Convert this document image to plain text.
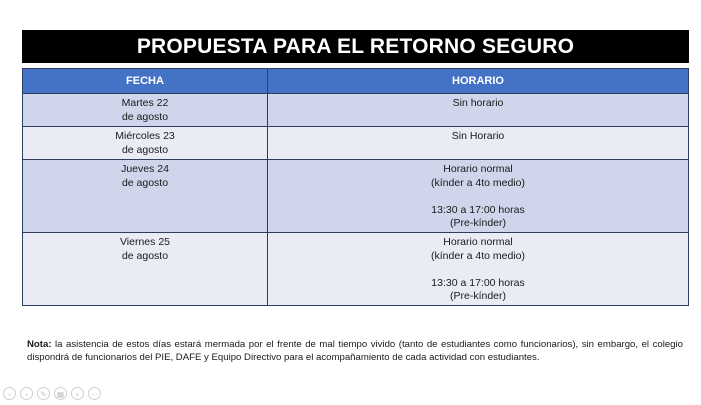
PROPUESTA PARA EL RETORNO SEGURO
FECHA	HORARIO

Martes 22
de agosto	Sin horario

Miércoles 23
de agosto	Sin Horario

Jueves 24
de agosto	Horario normal
(kínder a 4to medio)
13:30 a 17:00 horas
(Pre-kínder)

Viernes 25
de agosto	Horario normal
(kínder a 4to medio)
13:30 a 17:00 horas
(Pre-kínder)
Nota: la asistencia de estos días estará mermada por el frente de mal tiempo vivido (tanto de estudiantes como funcionarios), sin embargo, el colegio dispondrá de funcionarios del PIE, DAFE y Equipo Directivo para el acompañamiento de cada actividad con estudiantes.
‹	›	✎	▦	⌕	⋯
